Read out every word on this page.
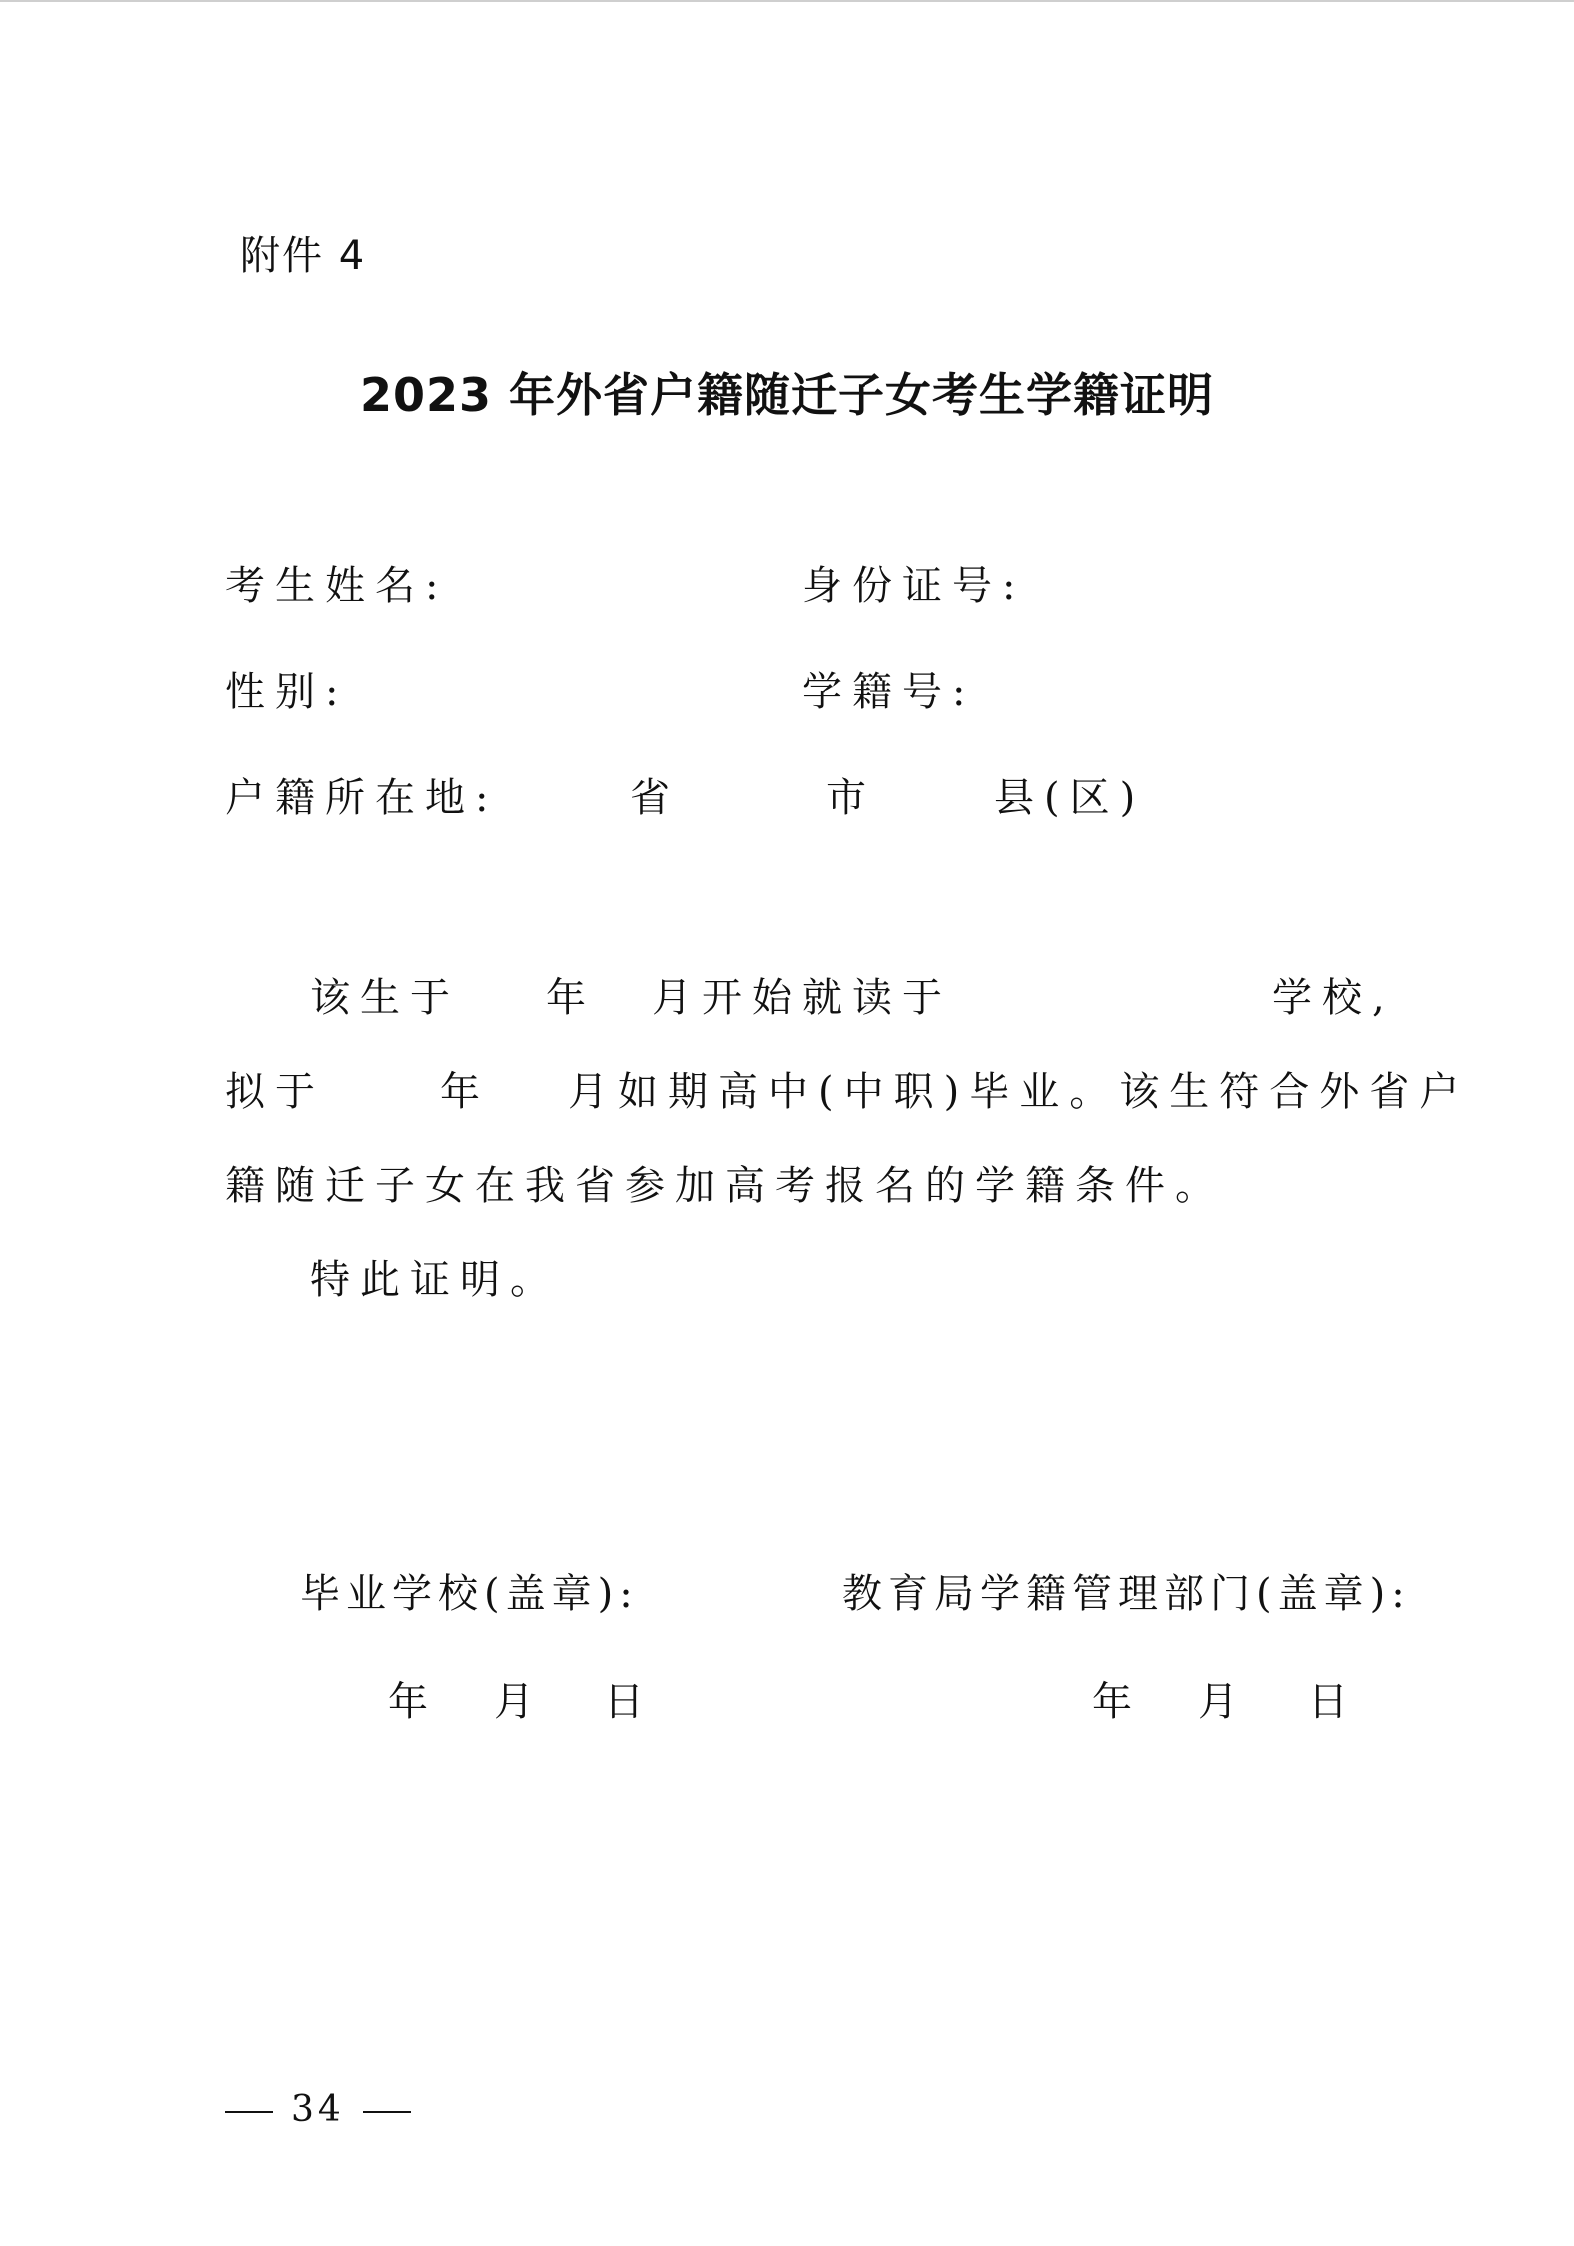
附件 4
2023 年外省户籍随迁子女考生学籍证明
考生姓名:	身份证号:
性别:	学籍号:
户籍所在地:	省	市	县(区)
该生于 年 月开始就读于	学校,
拟于	年 月如期高中(中职)毕业。该生符合外省户
籍随迁子女在我省参加高考报名的学籍条件。
特此证明。
毕业学校(盖章):	教育局学籍管理部门(盖章):
年 月 日	年 月 日
34
